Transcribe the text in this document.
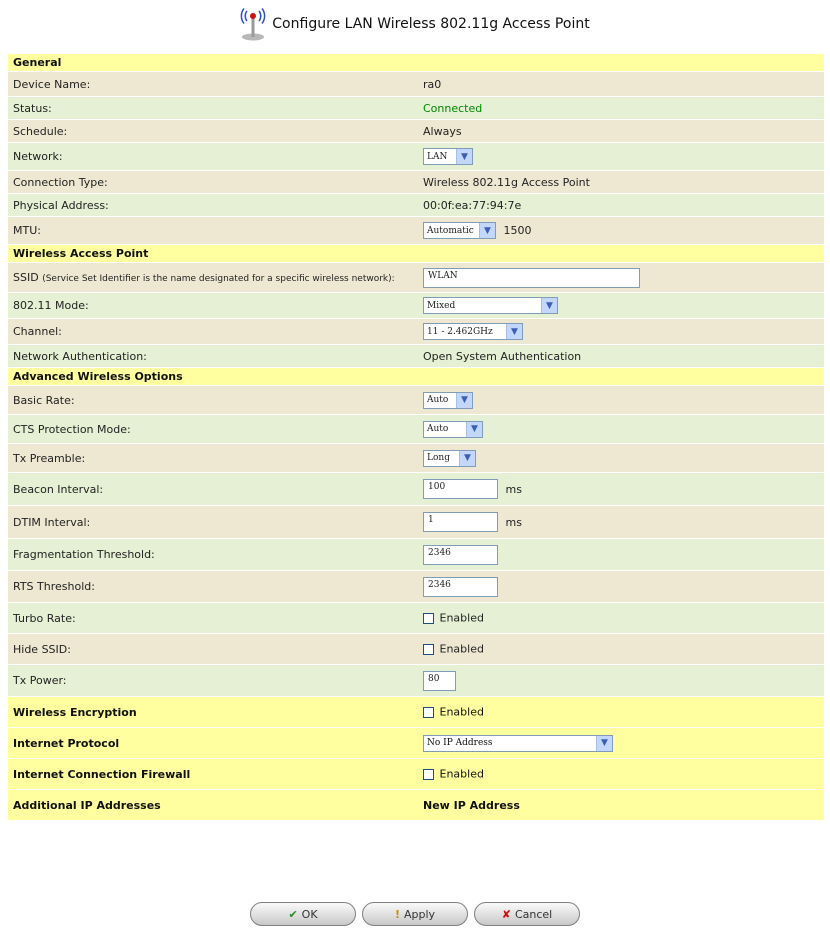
Configure LAN Wireless 802.11g Access Point
General	
Device Name:	ra0
Status:	Connected
Schedule:	Always
Network:	LAN ▼

Connection Type:	Wireless 802.11g Access Point
Physical Address:	00:0f:ea:77:94:7e
MTU:	Automatic ▼ 1500
Wireless Access Point	
SSID (Service Set Identifier is the name designated for a specific wireless network):	WLAN
802.11 Mode:	Mixed ▼

Channel:	11 - 2.462GHz ▼

Network Authentication:	Open System Authentication
Advanced Wireless Options	
Basic Rate:	Auto ▼

CTS Protection Mode:	Auto ▼

Tx Preamble:	Long ▼

Beacon Interval:	100 ms
DTIM Interval:	1 ms
Fragmentation Threshold:	2346
RTS Threshold:	2346
Turbo Rate:	Enabled
Hide SSID:	Enabled
Tx Power:	80
Wireless Encryption	Enabled
Internet Protocol	No IP Address ▼

Internet Connection Firewall	Enabled
Additional IP Addresses	New IP Address
✔ OK	! Apply	✘ Cancel
